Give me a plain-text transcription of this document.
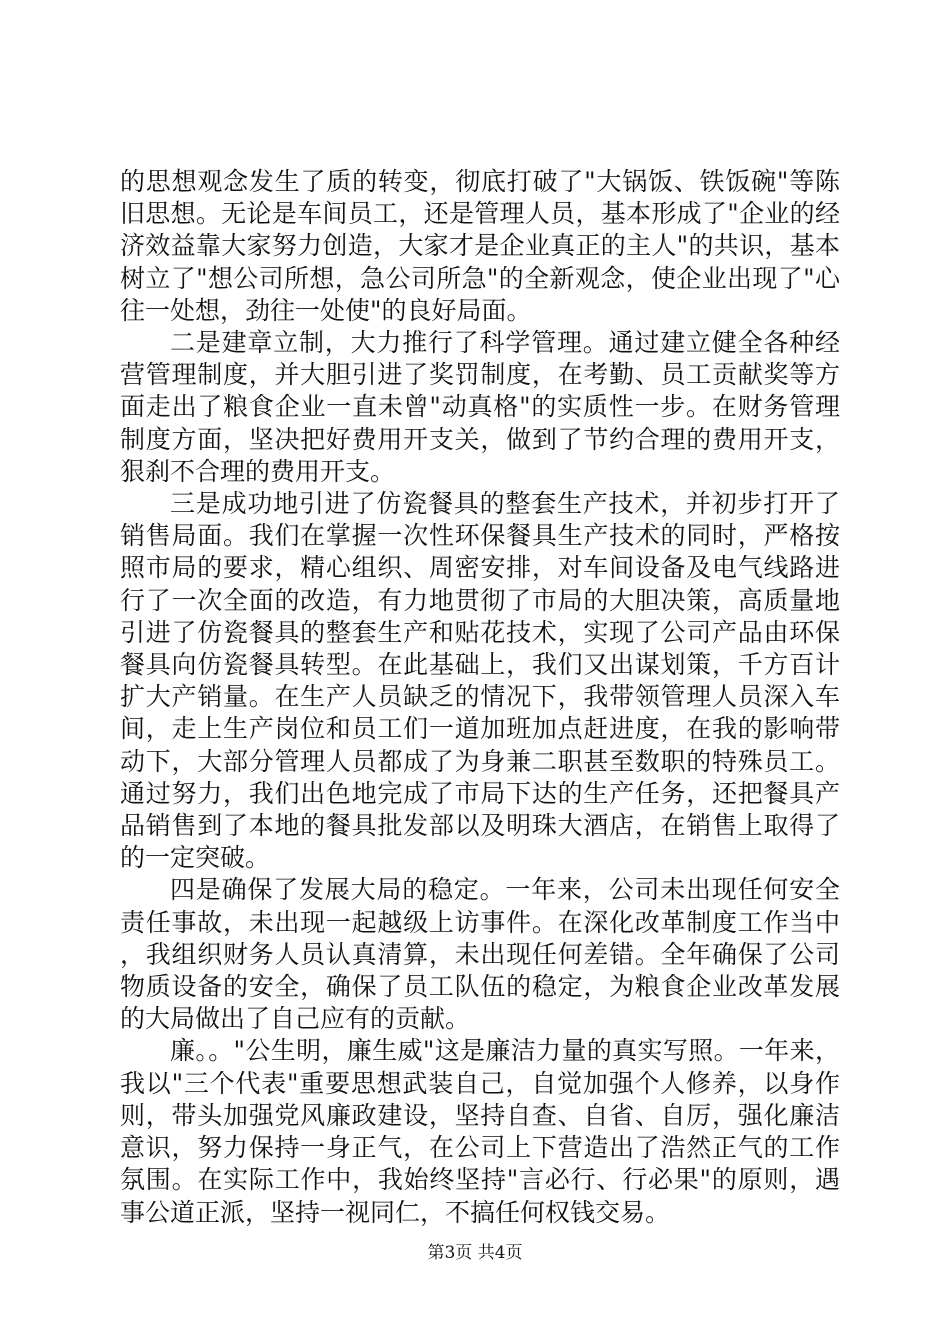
的思想观念发生了质的转变，彻底打破了"大锅饭、铁饭碗"等陈旧思想。无论是车间员工，还是管理人员，基本形成了"企业的经济效益靠大家努力创造，大家才是企业真正的主人"的共识，基本树立了"想公司所想，急公司所急"的全新观念，使企业出现了"心往一处想，劲往一处使"的良好局面。

二是建章立制，大力推行了科学管理。通过建立健全各种经营管理制度，并大胆引进了奖罚制度，在考勤、员工贡献奖等方面走出了粮食企业一直未曾"动真格"的实质性一步。在财务管理制度方面，坚决把好费用开支关，做到了节约合理的费用开支，狠刹不合理的费用开支。

三是成功地引进了仿瓷餐具的整套生产技术，并初步打开了销售局面。我们在掌握一次性环保餐具生产技术的同时，严格按照市局的要求，精心组织、周密安排，对车间设备及电气线路进行了一次全面的改造，有力地贯彻了市局的大胆决策，高质量地引进了仿瓷餐具的整套生产和贴花技术，实现了公司产品由环保餐具向仿瓷餐具转型。在此基础上，我们又出谋划策，千方百计扩大产销量。在生产人员缺乏的情况下，我带领管理人员深入车间，走上生产岗位和员工们一道加班加点赶进度，在我的影响带动下，大部分管理人员都成了为身兼二职甚至数职的特殊员工。通过努力，我们出色地完成了市局下达的生产任务，还把餐具产品销售到了本地的餐具批发部以及明珠大酒店，在销售上取得了的一定突破。

四是确保了发展大局的稳定。一年来，公司未出现任何安全责任事故，未出现一起越级上访事件。在深化改革制度工作当中，我组织财务人员认真清算，未出现任何差错。全年确保了公司物质设备的安全，确保了员工队伍的稳定，为粮食企业改革发展的大局做出了自己应有的贡献。

廉。。"公生明，廉生威"这是廉洁力量的真实写照。一年来，我以"三个代表"重要思想武装自己，自觉加强个人修养，以身作则，带头加强党风廉政建设，坚持自查、自省、自厉，强化廉洁意识，努力保持一身正气，在公司上下营造出了浩然正气的工作氛围。在实际工作中，我始终坚持"言必行、行必果"的原则，遇事公道正派，坚持一视同仁，不搞任何权钱交易。

第3页 共4页
